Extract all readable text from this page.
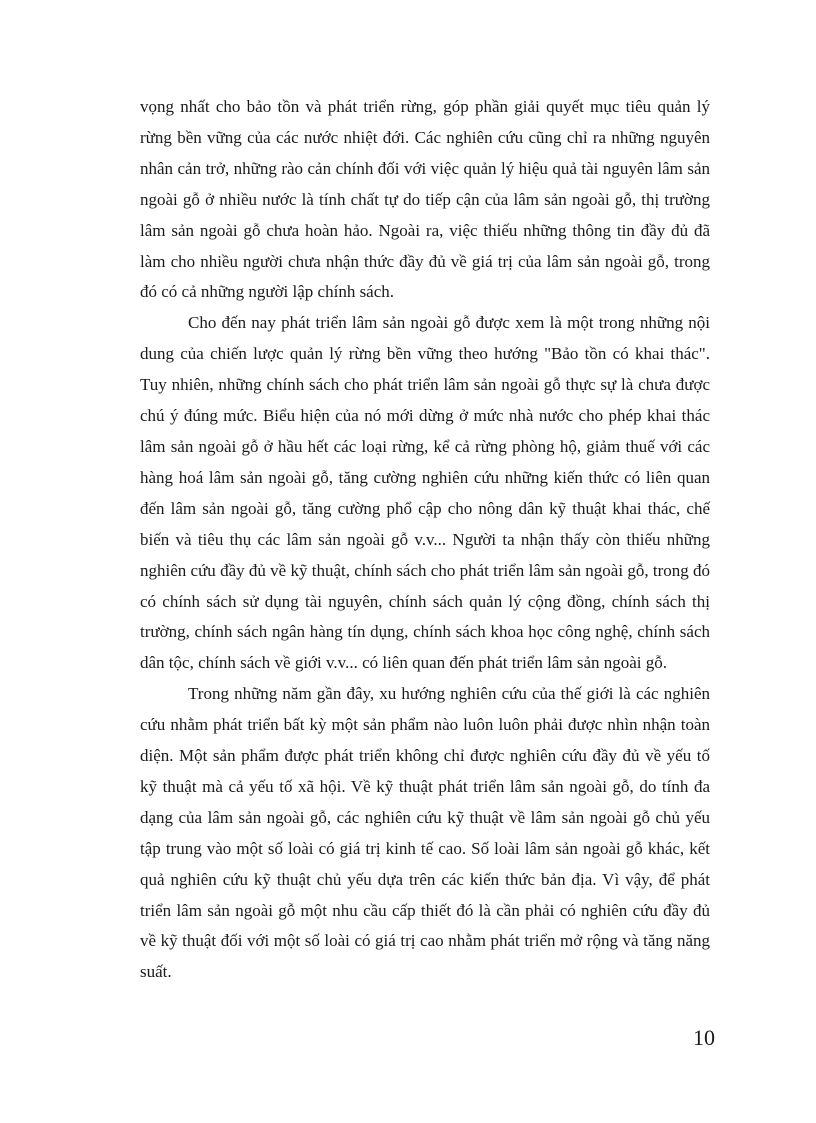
vọng nhất cho bảo tồn và phát triển rừng, góp phần giải quyết mục tiêu quản lý rừng bền vững của các nước nhiệt đới. Các nghiên cứu cũng chỉ ra những nguyên nhân cản trở, những rào cản chính đối với việc quản lý hiệu quả tài nguyên lâm sản ngoài gỗ ở nhiều nước là tính chất tự do tiếp cận của lâm sản ngoài gỗ, thị trường lâm sản ngoài gỗ chưa hoàn hảo. Ngoài ra, việc thiếu những thông tin đầy đủ đã làm cho nhiều người chưa nhận thức đầy đủ về giá trị của lâm sản ngoài gỗ, trong đó có cả những người lập chính sách.

Cho đến nay phát triển lâm sản ngoài gỗ được xem là một trong những nội dung của chiến lược quản lý rừng bền vững theo hướng "Bảo tồn có khai thác". Tuy nhiên, những chính sách cho phát triển lâm sản ngoài gỗ thực sự là chưa được chú ý đúng mức. Biểu hiện của nó mới dừng ở mức nhà nước cho phép khai thác lâm sản ngoài gỗ ở hầu hết các loại rừng, kể cả rừng phòng hộ, giảm thuế với các hàng hoá lâm sản ngoài gỗ, tăng cường nghiên cứu những kiến thức có liên quan đến lâm sản ngoài gỗ, tăng cường phổ cập cho nông dân kỹ thuật khai thác, chế biến và tiêu thụ các lâm sản ngoài gỗ v.v... Người ta nhận thấy còn thiếu những nghiên cứu đầy đủ về kỹ thuật, chính sách cho phát triển lâm sản ngoài gỗ, trong đó có chính sách sử dụng tài nguyên, chính sách quản lý cộng đồng, chính sách thị trường, chính sách ngân hàng tín dụng, chính sách khoa học công nghệ, chính sách dân tộc, chính sách về giới v.v... có liên quan đến phát triển lâm sản ngoài gỗ.

Trong những năm gần đây, xu hướng nghiên cứu của thế giới là các nghiên cứu nhằm phát triển bất kỳ một sản phẩm nào luôn luôn phải được nhìn nhận toàn diện. Một sản phẩm được phát triển không chỉ được nghiên cứu đầy đủ về yếu tố kỹ thuật mà cả yếu tố xã hội. Về kỹ thuật phát triển lâm sản ngoài gỗ, do tính đa dạng của lâm sản ngoài gỗ, các nghiên cứu kỹ thuật về lâm sản ngoài gỗ chủ yếu tập trung vào một số loài có giá trị kinh tế cao. Số loài lâm sản ngoài gỗ khác, kết quả nghiên cứu kỹ thuật chủ yếu dựa trên các kiến thức bản địa. Vì vậy, để phát triển lâm sản ngoài gỗ một nhu cầu cấp thiết đó là cần phải có nghiên cứu đầy đủ về kỹ thuật đối với một số loài có giá trị cao nhằm phát triển mở rộng và tăng năng suất.

10
